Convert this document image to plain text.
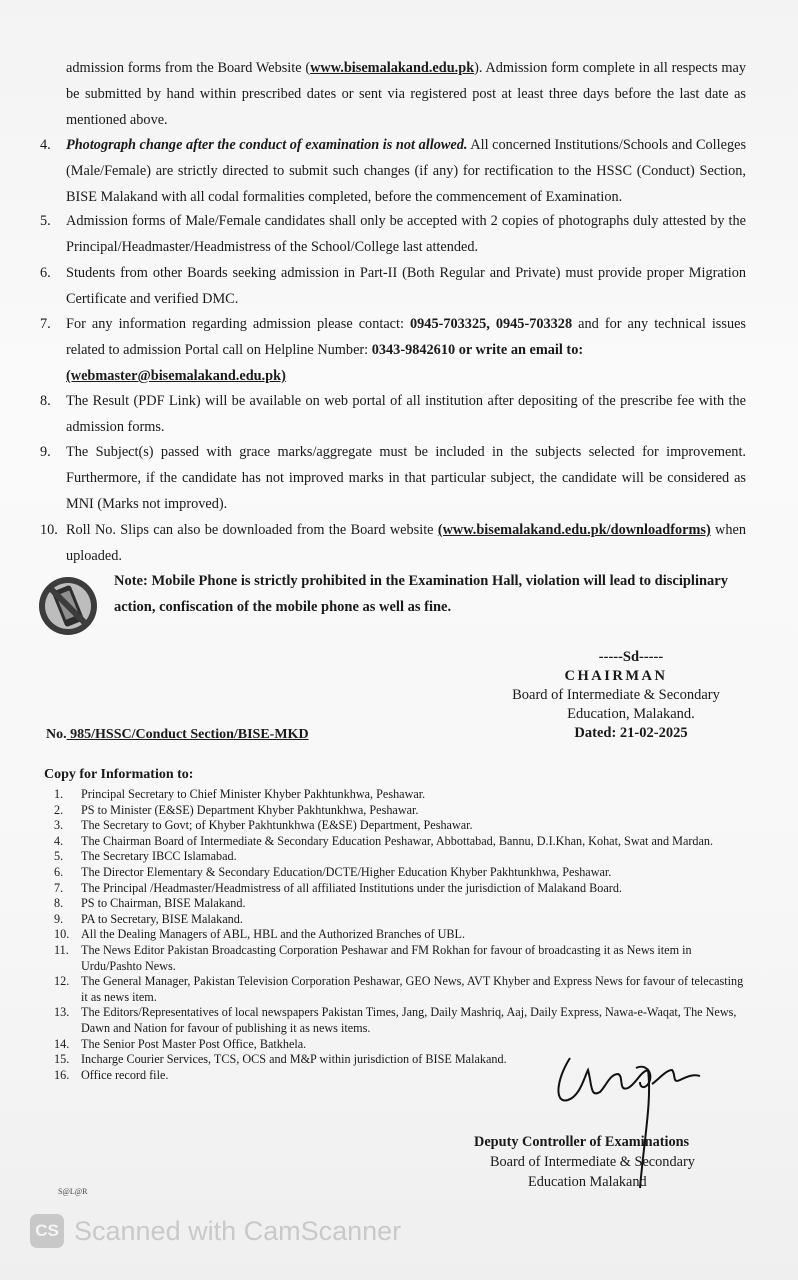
admission forms from the Board Website (www.bisemalakand.edu.pk). Admission form complete in all respects may be submitted by hand within prescribed dates or sent via registered post at least three days before the last date as mentioned above.
4.	Photograph change after the conduct of examination is not allowed. All concerned Institutions/Schools and Colleges (Male/Female) are strictly directed to submit such changes (if any) for rectification to the HSSC (Conduct) Section, BISE Malakand with all codal formalities completed, before the commencement of Examination.
5.	Admission forms of Male/Female candidates shall only be accepted with 2 copies of photographs duly attested by the Principal/Headmaster/Headmistress of the School/College last attended.
6.	Students from other Boards seeking admission in Part-II (Both Regular and Private) must provide proper Migration Certificate and verified DMC.
7.	For any information regarding admission please contact: 0945-703325, 0945-703328 and for any technical issues related to admission Portal call on Helpline Number: 0343-9842610 or write an email to:
(webmaster@bisemalakand.edu.pk)
8.	The Result (PDF Link) will be available on web portal of all institution after depositing of the prescribe fee with the admission forms.
9.	The Subject(s) passed with grace marks/aggregate must be included in the subjects selected for improvement. Furthermore, if the candidate has not improved marks in that particular subject, the candidate will be considered as MNI (Marks not improved).
10. Roll No. Slips can also be downloaded from the Board website (www.bisemalakand.edu.pk/downloadforms) when uploaded.
Note: Mobile Phone is strictly prohibited in the Examination Hall, violation will lead to disciplinary action, confiscation of the mobile phone as well as fine.
-----Sd-----
CHAIRMAN
Board of Intermediate & Secondary
Education, Malakand.
Dated: 21-02-2025
No. 985/HSSC/Conduct Section/BISE-MKD
Copy for Information to:
1.	Principal Secretary to Chief Minister Khyber Pakhtunkhwa, Peshawar.
2.	PS to Minister (E&SE) Department Khyber Pakhtunkhwa, Peshawar.
3.	The Secretary to Govt; of Khyber Pakhtunkhwa (E&SE) Department, Peshawar.
4.	The Chairman Board of Intermediate & Secondary Education Peshawar, Abbottabad, Bannu, D.I.Khan, Kohat, Swat and Mardan.
5.	The Secretary IBCC Islamabad.
6.	The Director Elementary & Secondary Education/DCTE/Higher Education Khyber Pakhtunkhwa, Peshawar.
7.	The Principal /Headmaster/Headmistress of all affiliated Institutions under the jurisdiction of Malakand Board.
8.	PS to Chairman, BISE Malakand.
9.	PA to Secretary, BISE Malakand.
10. All the Dealing Managers of ABL, HBL and the Authorized Branches of UBL.
11.	The News Editor Pakistan Broadcasting Corporation Peshawar and FM Rokhan for favour of broadcasting it as News item in Urdu/Pashto News.
12. The General Manager, Pakistan Television Corporation Peshawar, GEO News, AVT Khyber and Express News for favour of telecasting it as news item.
13. The Editors/Representatives of local newspapers Pakistan Times, Jang, Daily Mashriq, Aaj, Daily Express, Nawa-e-Waqat, The News, Dawn and Nation for favour of publishing it as news items.
14. The Senior Post Master Post Office, Batkhela.
15. Incharge Courier Services, TCS, OCS and M&P within jurisdiction of BISE Malakand.
16. Office record file.
Deputy Controller of Examinations
Board of Intermediate & Secondary
Education Malakand
S@L@R
CS Scanned with CamScanner
